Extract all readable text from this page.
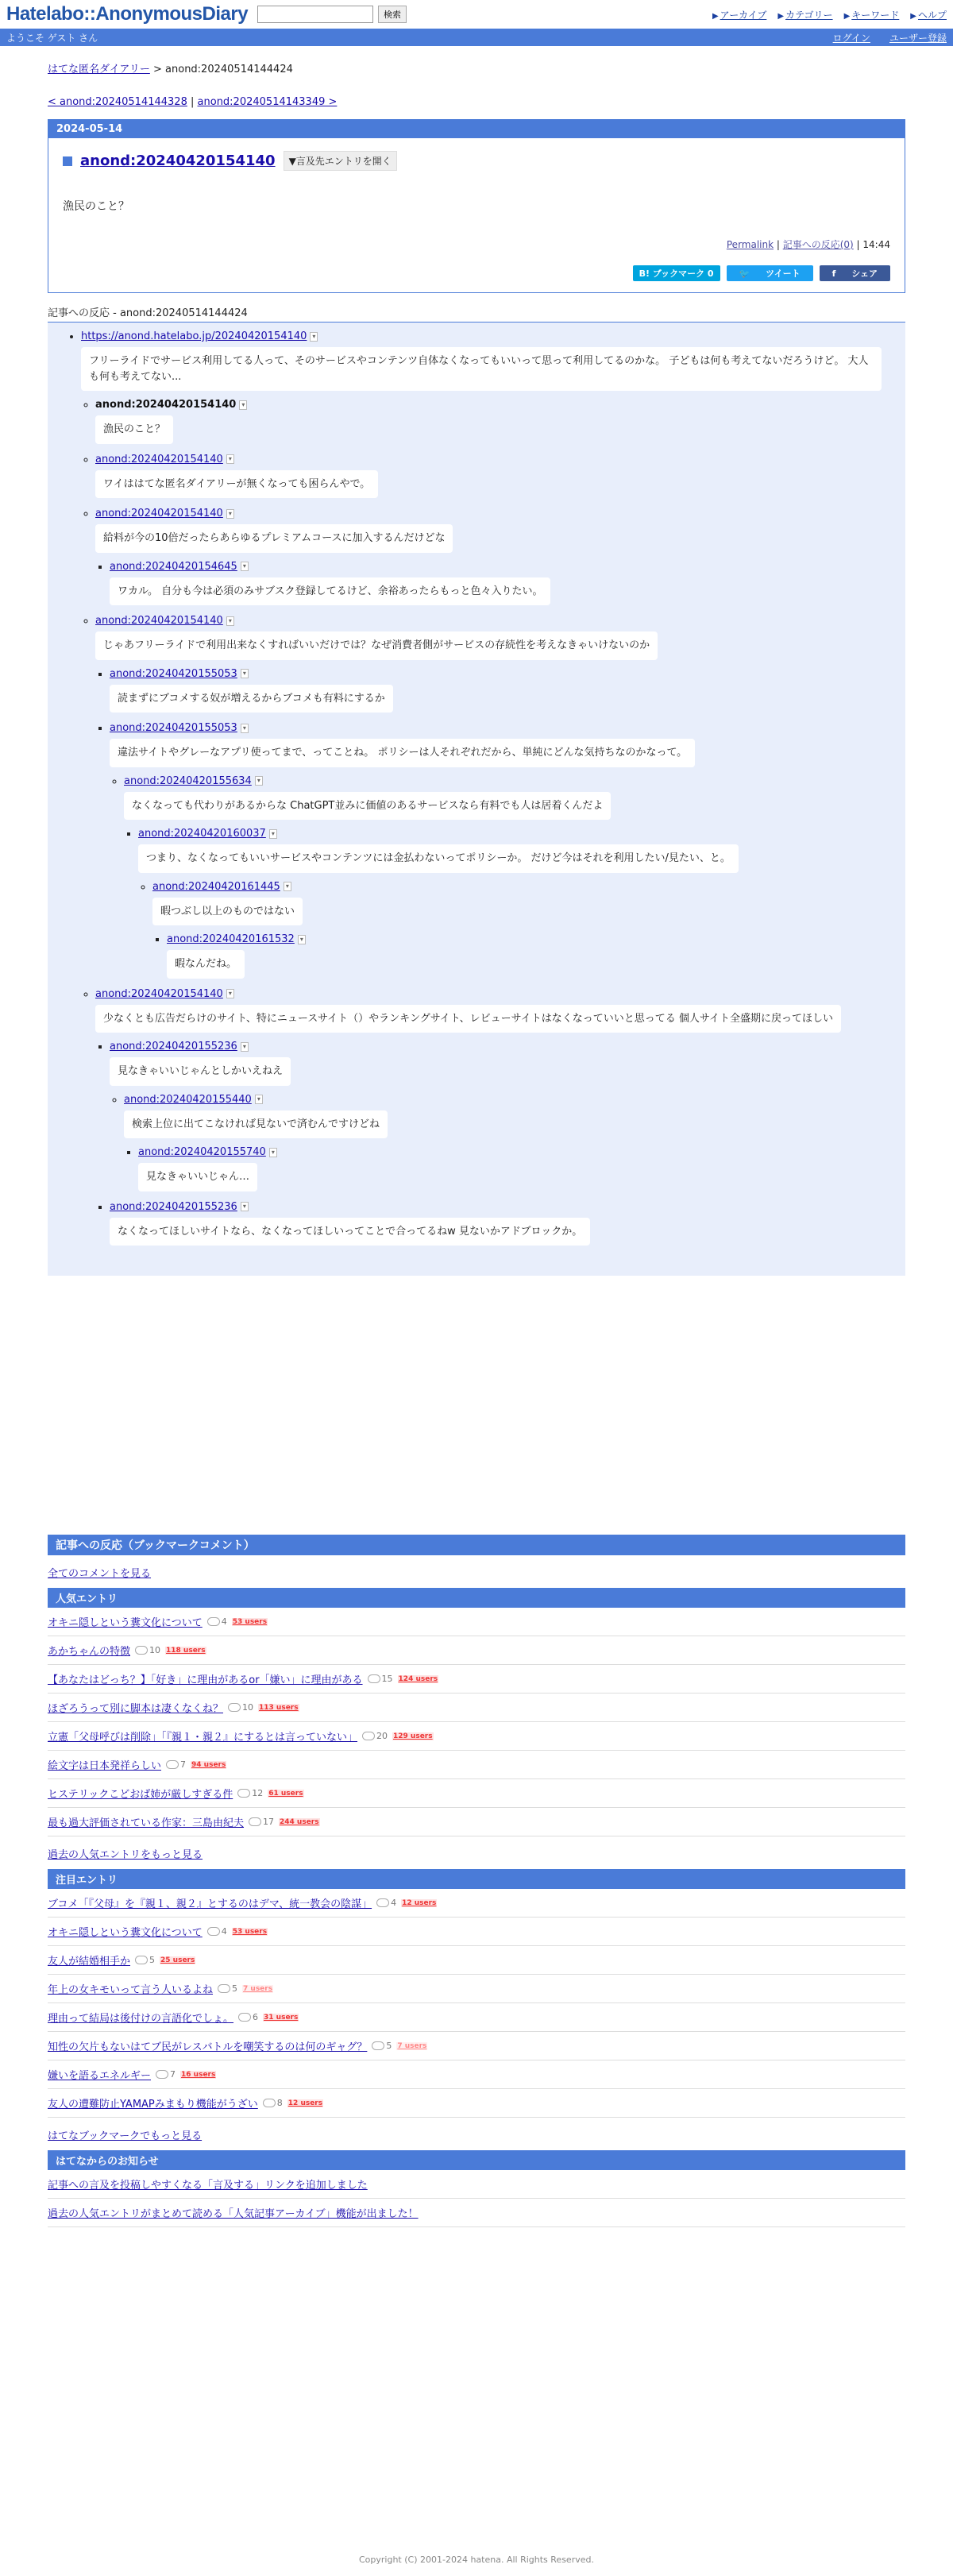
Hatelabo::AnonymousDiary	検索	▶ アーカイブ ▶ カテゴリー ▶ キーワード ▶ ヘルプ
ようこそ ゲスト さん	ログイン ユーザー登録
はてな匿名ダイアリー > anond:20240514144424
< anond:20240514144328 | anond:20240514143349 >
2024-05-14
anond:20240420154140	▼言及先エントリを開く
漁民のこと？
Permalink | 記事への反応(0) | 14:44
B! ブックマーク 0	🐦 ツイート	f シェア
記事への反応 - anond:20240514144424
• https://anond.hatelabo.jp/20240420154140 ▾

フリーライドでサービス利用してる人って、そのサービスやコンテンツ自体なくなってもいいって思って利用してるのかな。 子どもは何も考えてないだろうけど。 大人も何も考えてない...
◦ anond:20240420154140 ▾

漁民のこと？
◦ anond:20240420154140 ▾

ワイははてな匿名ダイアリーが無くなっても困らんやで。
◦ anond:20240420154140 ▾

給料が今の10倍だったらあらゆるプレミアムコースに加入するんだけどな
▪ anond:20240420154645 ▾

ワカル。 自分も今は必須のみサブスク登録してるけど、余裕あったらもっと色々入りたい。
◦ anond:20240420154140 ▾

じゃあフリーライドで利用出来なくすればいいだけでは？なぜ消費者側がサービスの存続性を考えなきゃいけないのか
▪ anond:20240420155053 ▾

読まずにブコメする奴が増えるからブコメも有料にするか
▪ anond:20240420155053 ▾

違法サイトやグレーなアプリ使ってまで、ってことね。 ポリシーは人それぞれだから、単純にどんな気持ちなのかなって。
◦ anond:20240420155634 ▾

なくなっても代わりがあるからな ChatGPT並みに価値のあるサービスなら有料でも人は居着くんだよ
▪ anond:20240420160037 ▾

つまり、なくなってもいいサービスやコンテンツには金払わないってポリシーか。 だけど今はそれを利用したい/見たい、と。
◦ anond:20240420161445 ▾

暇つぶし以上のものではない
▪ anond:20240420161532 ▾

暇なんだね。
◦ anond:20240420154140 ▾

少なくとも広告だらけのサイト、特にニュースサイト（）やランキングサイト、レビューサイトはなくなっていいと思ってる 個人サイト全盛期に戻ってほしい
▪ anond:20240420155236 ▾

見なきゃいいじゃんとしかいえねえ
◦ anond:20240420155440 ▾

検索上位に出てこなければ見ないで済むんですけどね
▪ anond:20240420155740 ▾

見なきゃいいじゃん…
▪ anond:20240420155236 ▾

なくなってほしいサイトなら、なくなってほしいってことで合ってるねw 見ないかアドブロックか。
記事への反応（ブックマークコメント）
全てのコメントを見る
人気エントリ
オキニ隠しという糞文化について 4 53 users
あかちゃんの特徴 10 118 users
【あなたはどっち？】「好き」に理由があるor「嫌い」に理由がある 15 124 users
ほざろうって別に脚本は凄くなくね？ 10 113 users
立憲「父母呼びは削除」「『親１・親２』にするとは言っていない」 20 129 users
絵文字は日本発祥らしい 7 94 users
ヒステリックこどおば姉が厳しすぎる件 12 61 users
最も過大評価されている作家：三島由紀夫 17 244 users
過去の人気エントリをもっと見る
注目エントリ
ブコメ「『父母』を『親１、親２』とするのはデマ、統一教会の陰謀」 4 12 users
オキニ隠しという糞文化について 4 53 users
友人が結婚相手か 5 25 users
年上の女キモいって言う人いるよね 5 7 users
理由って結局は後付けの言語化でしょ。 6 31 users
知性の欠片もないはてブ民がレスバトルを嘲笑するのは何のギャグ？ 5 7 users
嫌いを語るエネルギー 7 16 users
友人の遭難防止YAMAPみまもり機能がうざい 8 12 users
はてなブックマークでもっと見る
はてなからのお知らせ
記事への言及を投稿しやすくなる「言及する」リンクを追加しました
過去の人気エントリがまとめて読める「人気記事アーカイブ」機能が出ました！
Copyright (C) 2001-2024 hatena. All Rights Reserved.
